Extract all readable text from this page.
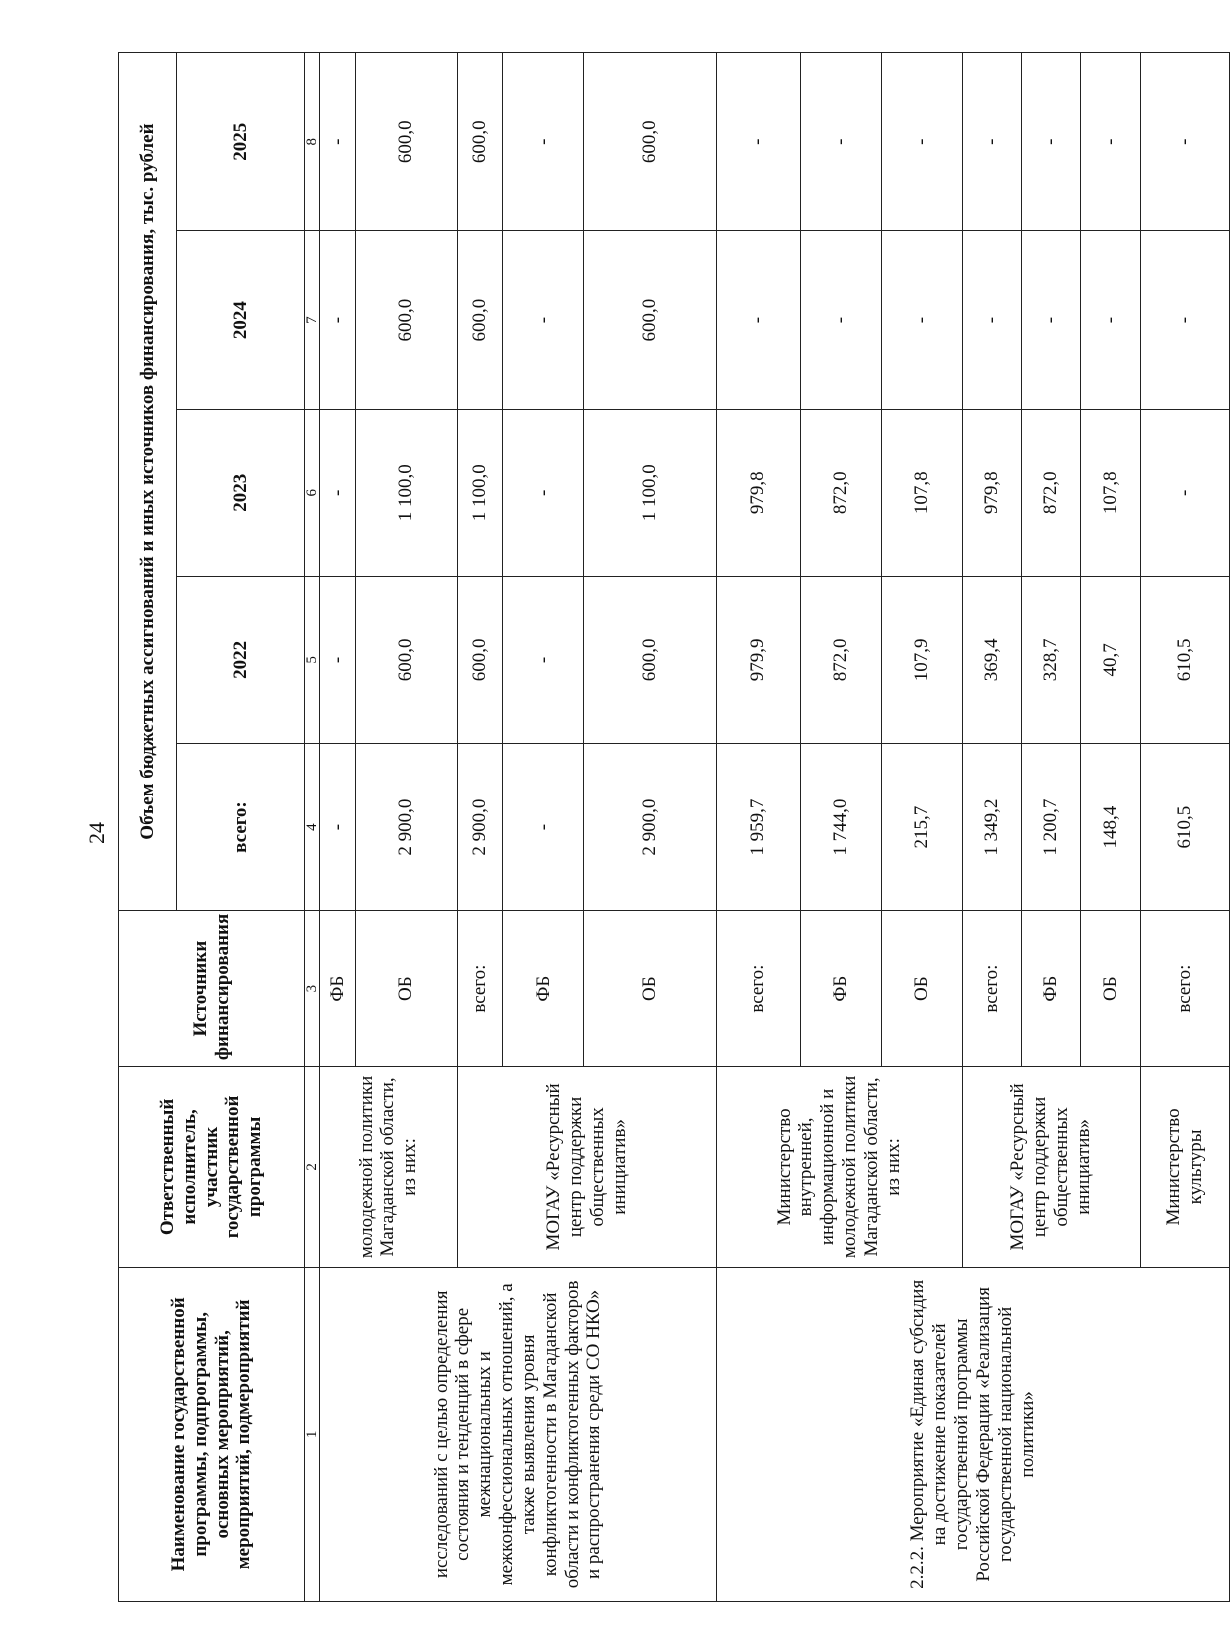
24
Наименование государственной программы, подпрограммы, основных мероприятий, мероприятий, подмероприятий	Ответственный исполнитель, участник государственной программы	Источники финансирования	Объем бюджетных ассигнований и иных источников финансирования, тыс. рублей				
			всего:	2022	2023	2024	2025
1	2	3	4	5	6	7	8
исследований с целью определения состояния и тенденций в сфере межнациональных и межконфессиональных отношений, а также выявления уровня конфликтогенности в Магаданской области и конфликтогенных факторов и распространения среди СО НКО»	молодежной политики Магаданской области, из них:	ФБ	-	-	-	-	-
		ОБ	2 900,0	600,0	1 100,0	600,0	600,0
	МОГАУ «Ресурсный центр поддержки общественных инициатив»	всего:	2 900,0	600,0	1 100,0	600,0	600,0
		ФБ	-	-	-	-	-
		ОБ	2 900,0	600,0	1 100,0	600,0	600,0
2.2.2. Мероприятие «Единая субсидия на достижение показателей государственной программы Российской Федерации «Реализация государственной национальной политики»	Министерство внутренней, информационной и молодежной политики Магаданской области, из них:	всего:	1 959,7	979,9	979,8	-	-
		ФБ	1 744,0	872,0	872,0	-	-
		ОБ	215,7	107,9	107,8	-	-
	МОГАУ «Ресурсный центр поддержки общественных инициатив»	всего:	1 349,2	369,4	979,8	-	-
		ФБ	1 200,7	328,7	872,0	-	-
		ОБ	148,4	40,7	107,8	-	-
	Министерство культуры	всего:	610,5	610,5	-	-	-
